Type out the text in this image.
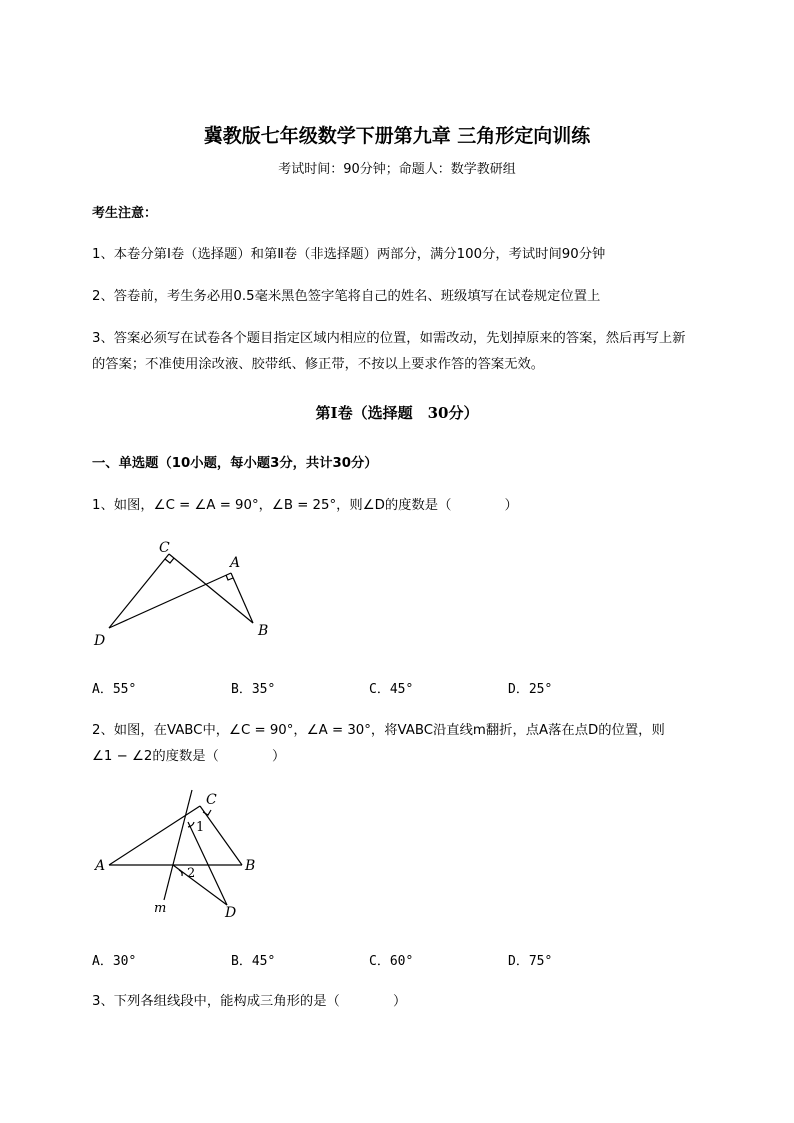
冀教版七年级数学下册第九章 三角形定向训练
考试时间：90分钟；命题人：数学教研组
考生注意：
1、本卷分第I卷（选择题）和第Ⅱ卷（非选择题）两部分，满分100分，考试时间90分钟
2、答卷前，考生务必用0.5毫米黑色签字笔将自己的姓名、班级填写在试卷规定位置上
3、答案必须写在试卷各个题目指定区域内相应的位置，如需改动，先划掉原来的答案，然后再写上新
的答案；不准使用涂改液、胶带纸、修正带，不按以上要求作答的答案无效。
第I卷（选择题　30分）
一、单选题（10小题，每小题3分，共计30分）
1、如图，∠C = ∠A = 90°，∠B = 25°，则∠D的度数是（　　　　）
C
A
D
B
A．55°	B．35°	C．45°	D．25°
2、如图，在VABC中，∠C = 90°，∠A = 30°，将VABC沿直线m翻折，点A落在点D的位置，则
∠1 − ∠2的度数是（　　　　）
C
A	B
D
m
1
2
A．30°	B．45°	C．60°	D．75°
3、下列各组线段中，能构成三角形的是（　　　　）
